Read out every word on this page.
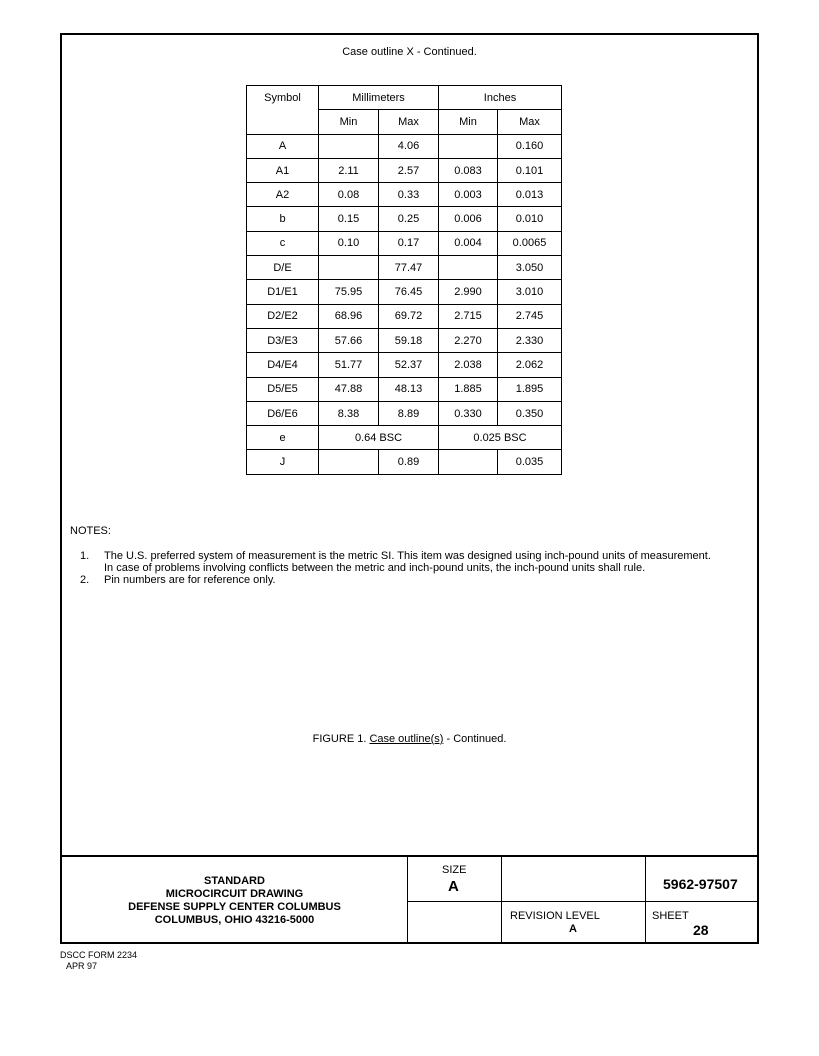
Case outline X - Continued.
Symbol	Millimeters		Inches	
	Min	Max	Min	Max
A		4.06		0.160
A1	2.11	2.57	0.083	0.101
A2	0.08	0.33	0.003	0.013
b	0.15	0.25	0.006	0.010
c	0.10	0.17	0.004	0.0065
D/E		77.47		3.050
D1/E1	75.95	76.45	2.990	3.010
D2/E2	68.96	69.72	2.715	2.745
D3/E3	57.66	59.18	2.270	2.330
D4/E4	51.77	52.37	2.038	2.062
D5/E5	47.88	48.13	1.885	1.895
D6/E6	8.38	8.89	0.330	0.350
e	0.64 BSC		0.025 BSC	
J		0.89		0.035
NOTES:
1.	The U.S. preferred system of measurement is the metric SI. This item was designed using inch-pound units of measurement. In case of problems involving conflicts between the metric and inch-pound units, the inch-pound units shall rule.
2.	Pin numbers are for reference only.
FIGURE 1. Case outline(s) - Continued.
STANDARD
MICROCIRCUIT DRAWING
DEFENSE SUPPLY CENTER COLUMBUS
COLUMBUS, OHIO 43216-5000
SIZE
A	5962-97507
REVISION LEVEL
A
SHEET
28
DSCC FORM 2234
APR 97
